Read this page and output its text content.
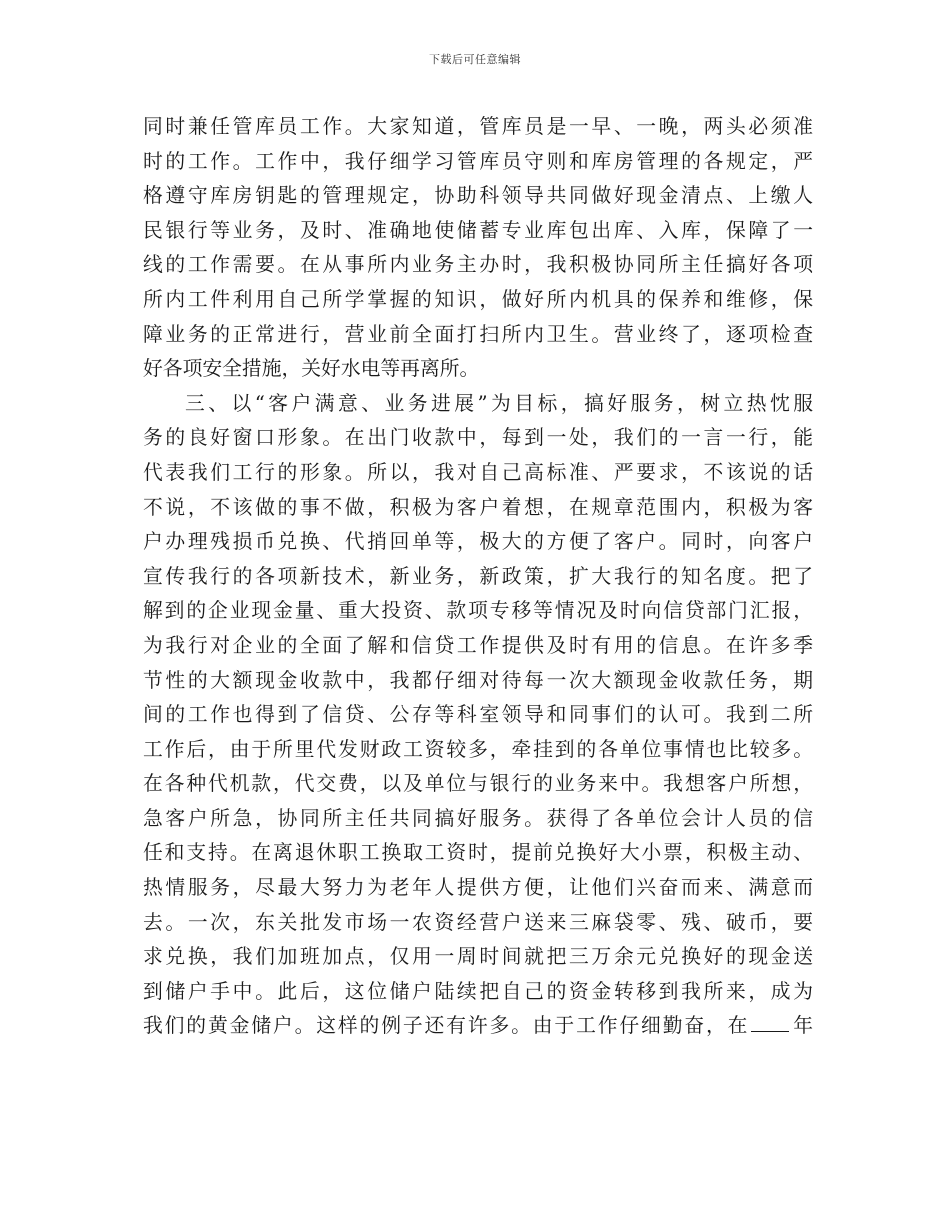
下载后可任意编辑
同时兼任管库员工作。大家知道，管库员是一早、一晚，两头必须准
时的工作。工作中，我仔细学习管库员守则和库房管理的各规定，严
格遵守库房钥匙的管理规定，协助科领导共同做好现金清点、上缴人
民银行等业务，及时、准确地使储蓄专业库包出库、入库，保障了一
线的工作需要。在从事所内业务主办时，我积极协同所主任搞好各项
所内工件利用自己所学掌握的知识，做好所内机具的保养和维修，保
障业务的正常进行，营业前全面打扫所内卫生。营业终了，逐项检查
好各项安全措施，关好水电等再离所。
三、以“客户满意、业务进展”为目标，搞好服务，树立热忱服
务的良好窗口形象。在出门收款中，每到一处，我们的一言一行，能
代表我们工行的形象。所以，我对自己高标准、严要求，不该说的话
不说，不该做的事不做，积极为客户着想，在规章范围内，积极为客
户办理残损币兑换、代捎回单等，极大的方便了客户。同时，向客户
宣传我行的各项新技术，新业务，新政策，扩大我行的知名度。把了
解到的企业现金量、重大投资、款项专移等情况及时向信贷部门汇报，
为我行对企业的全面了解和信贷工作提供及时有用的信息。在许多季
节性的大额现金收款中，我都仔细对待每一次大额现金收款任务，期
间的工作也得到了信贷、公存等科室领导和同事们的认可。我到二所
工作后，由于所里代发财政工资较多，牵挂到的各单位事情也比较多。
在各种代机款，代交费，以及单位与银行的业务来中。我想客户所想，
急客户所急，协同所主任共同搞好服务。获得了各单位会计人员的信
任和支持。在离退休职工换取工资时，提前兑换好大小票，积极主动、
热情服务，尽最大努力为老年人提供方便，让他们兴奋而来、满意而
去。一次，东关批发市场一农资经营户送来三麻袋零、残、破币，要
求兑换，我们加班加点，仅用一周时间就把三万余元兑换好的现金送
到储户手中。此后，这位储户陆续把自己的资金转移到我所来，成为
我们的黄金储户。这样的例子还有许多。由于工作仔细勤奋，在 年
